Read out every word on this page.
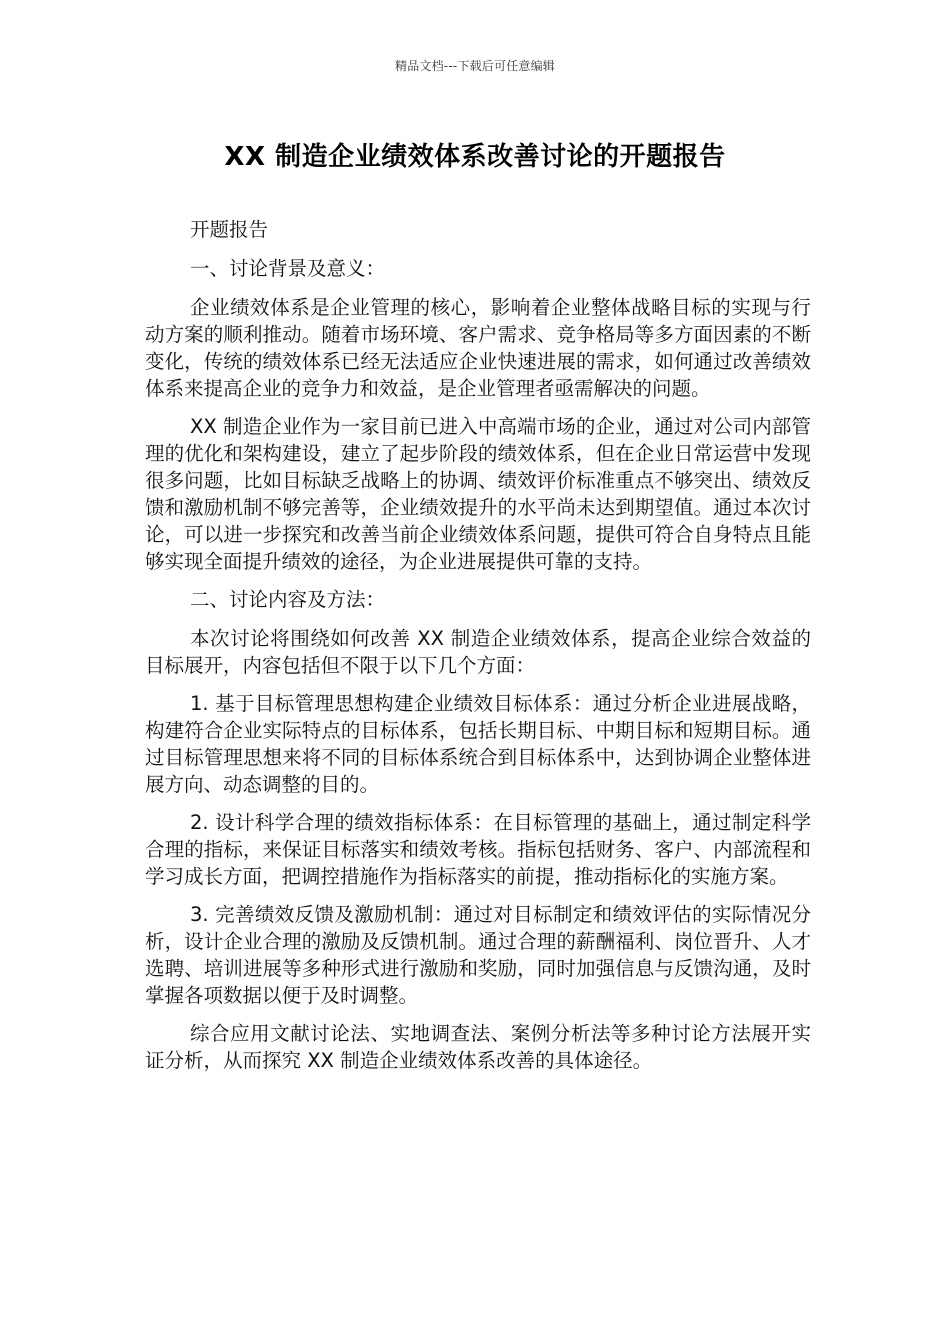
精品文档---下载后可任意编辑
XX 制造企业绩效体系改善讨论的开题报告

开题报告

一、讨论背景及意义：

企业绩效体系是企业管理的核心，影响着企业整体战略目标的实现与行动方案的顺利推动。随着市场环境、客户需求、竞争格局等多方面因素的不断变化，传统的绩效体系已经无法适应企业快速进展的需求，如何通过改善绩效体系来提高企业的竞争力和效益，是企业管理者亟需解决的问题。

XX 制造企业作为一家目前已进入中高端市场的企业，通过对公司内部管理的优化和架构建设，建立了起步阶段的绩效体系，但在企业日常运营中发现很多问题，比如目标缺乏战略上的协调、绩效评价标准重点不够突出、绩效反馈和激励机制不够完善等，企业绩效提升的水平尚未达到期望值。通过本次讨论，可以进一步探究和改善当前企业绩效体系问题，提供可符合自身特点且能够实现全面提升绩效的途径，为企业进展提供可靠的支持。

二、讨论内容及方法：

本次讨论将围绕如何改善 XX 制造企业绩效体系，提高企业综合效益的目标展开，内容包括但不限于以下几个方面：

1. 基于目标管理思想构建企业绩效目标体系：通过分析企业进展战略，构建符合企业实际特点的目标体系，包括长期目标、中期目标和短期目标。通过目标管理思想来将不同的目标体系统合到目标体系中，达到协调企业整体进展方向、动态调整的目的。

2. 设计科学合理的绩效指标体系：在目标管理的基础上，通过制定科学合理的指标，来保证目标落实和绩效考核。指标包括财务、客户、内部流程和学习成长方面，把调控措施作为指标落实的前提，推动指标化的实施方案。

3. 完善绩效反馈及激励机制：通过对目标制定和绩效评估的实际情况分析，设计企业合理的激励及反馈机制。通过合理的薪酬福利、岗位晋升、人才选聘、培训进展等多种形式进行激励和奖励，同时加强信息与反馈沟通，及时掌握各项数据以便于及时调整。

综合应用文献讨论法、实地调查法、案例分析法等多种讨论方法展开实证分析，从而探究 XX 制造企业绩效体系改善的具体途径。
